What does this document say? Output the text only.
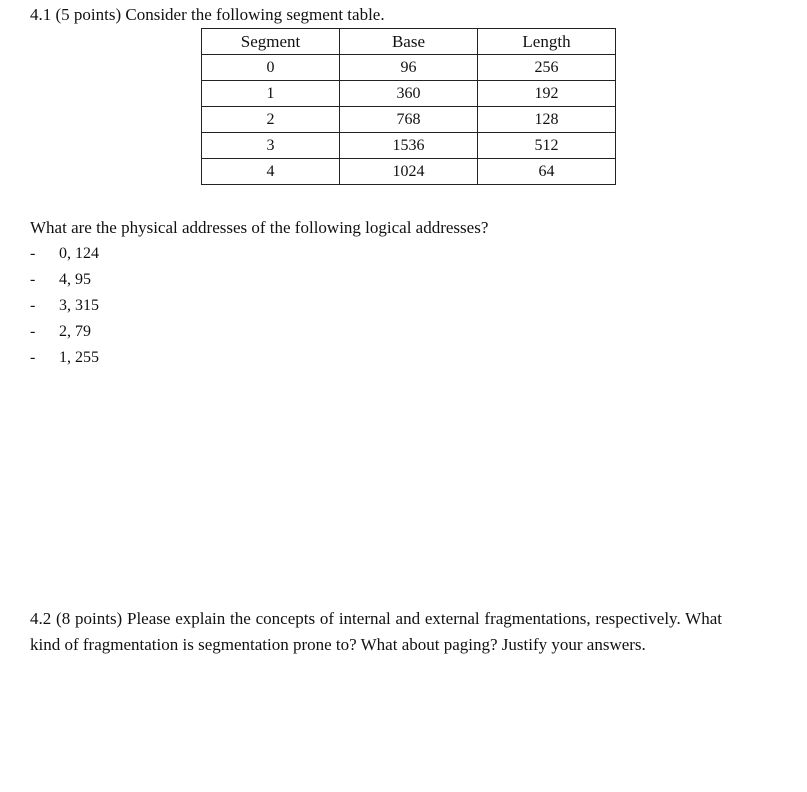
4.1 (5 points) Consider the following segment table.
Segment	Base	Length
0	96	256
1	360	192
2	768	128
3	1536	512
4	1024	64
What are the physical addresses of the following logical addresses?
-	0, 124
-	4, 95
-	3, 315
-	2, 79
-	1, 255
4.2 (8 points) Please explain the concepts of internal and external fragmentations, respectively. What kind of fragmentation is segmentation prone to? What about paging? Justify your answers.
